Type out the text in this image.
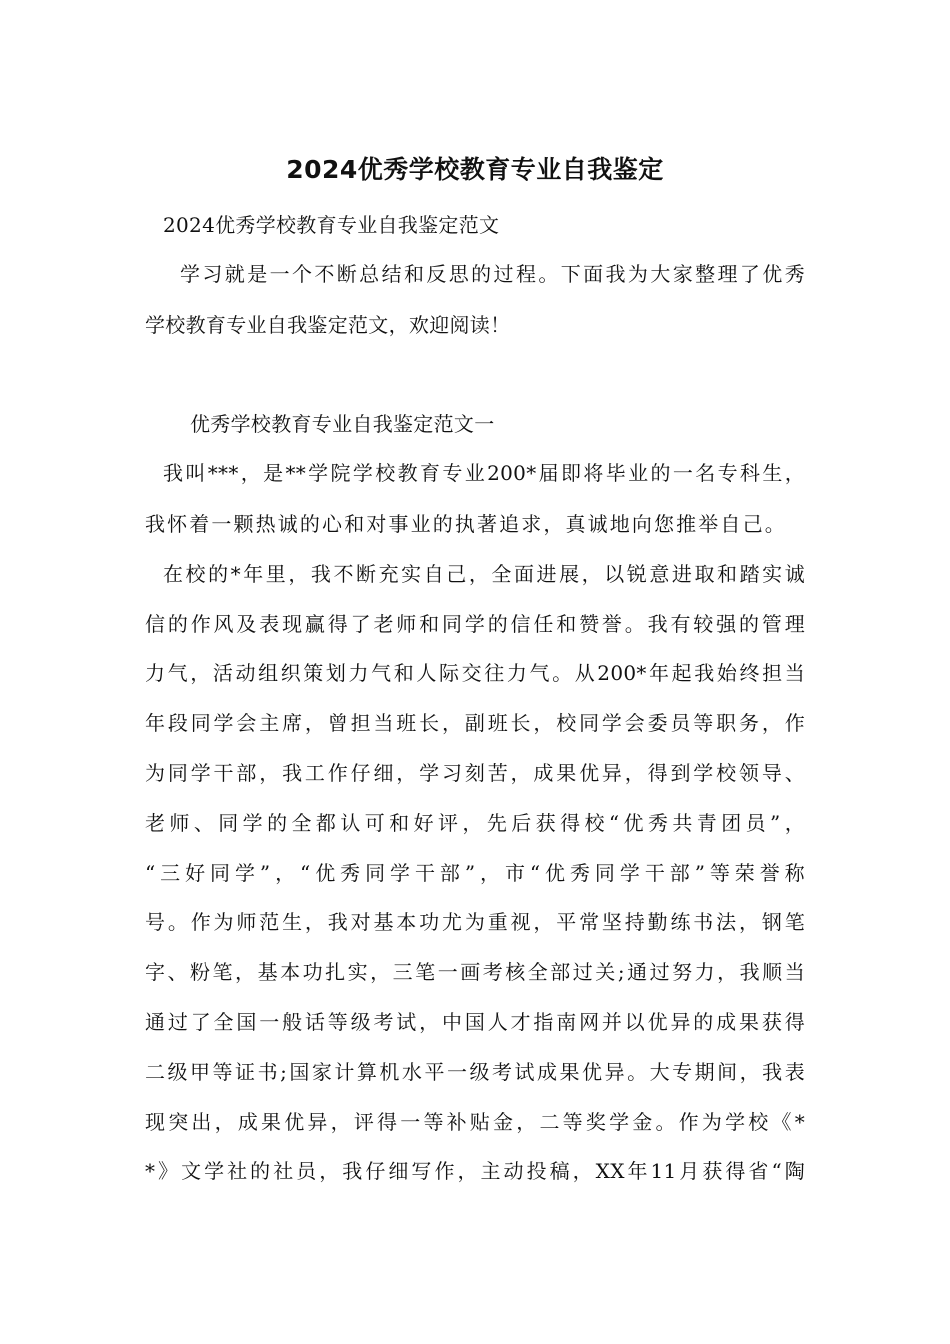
2024优秀学校教育专业自我鉴定
2024优秀学校教育专业自我鉴定范文
学习就是一个不断总结和反思的过程。下面我为大家整理了优秀
学校教育专业自我鉴定范文，欢迎阅读！
优秀学校教育专业自我鉴定范文一
我叫***，是**学院学校教育专业200*届即将毕业的一名专科生，
我怀着一颗热诚的心和对事业的执著追求，真诚地向您推举自己。
在校的*年里，我不断充实自己，全面进展，以锐意进取和踏实诚
信的作风及表现赢得了老师和同学的信任和赞誉。我有较强的管理
力气，活动组织策划力气和人际交往力气。从200*年起我始终担当
年段同学会主席，曾担当班长，副班长，校同学会委员等职务，作
为同学干部，我工作仔细，学习刻苦，成果优异，得到学校领导、
老师、同学的全都认可和好评，先后获得校“优秀共青团员”，
“三好同学”，“优秀同学干部”，市“优秀同学干部”等荣誉称
号。作为师范生，我对基本功尤为重视，平常坚持勤练书法，钢笔
字、粉笔，基本功扎实，三笔一画考核全部过关;通过努力，我顺当
通过了全国一般话等级考试，中国人才指南网并以优异的成果获得
二级甲等证书;国家计算机水平一级考试成果优异。大专期间，我表
现突出，成果优异，评得一等补贴金，二等奖学金。作为学校《*
*》文学社的社员，我仔细写作，主动投稿，XX年11月获得省“陶
